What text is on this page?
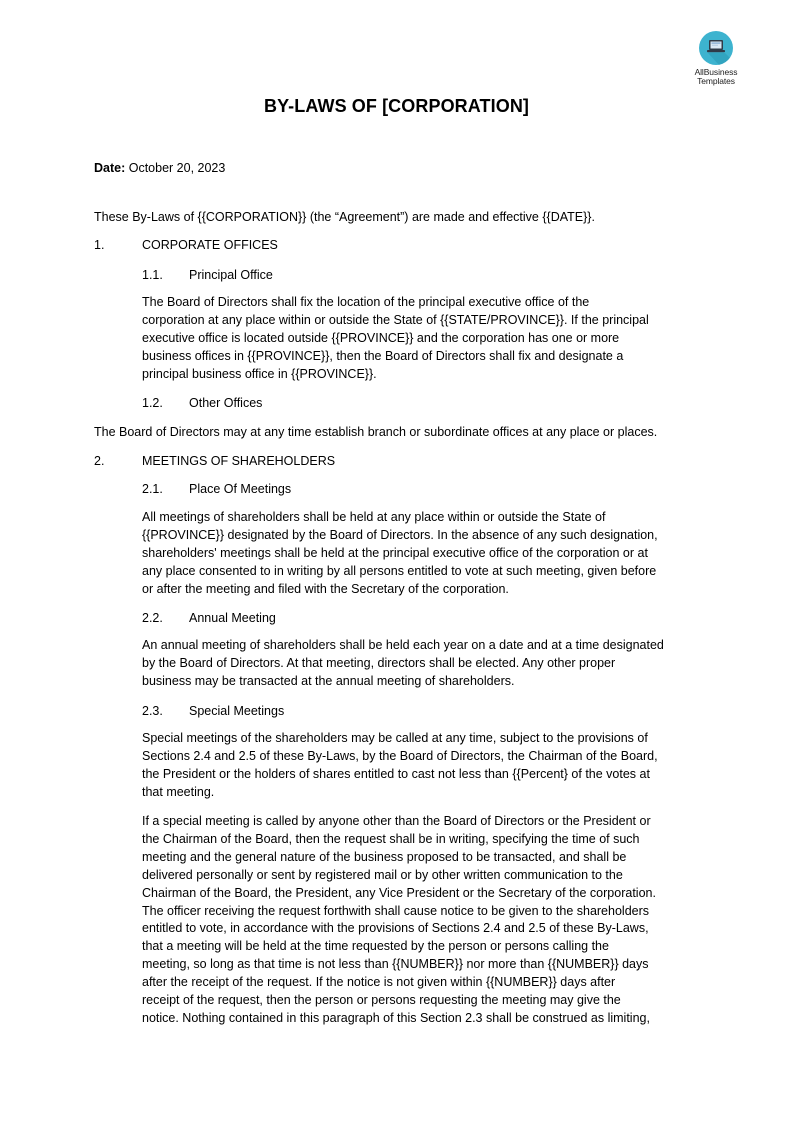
AllBusiness
Templates
BY-LAWS OF [CORPORATION]
Date: October 20, 2023
These By-Laws of {{CORPORATION}} (the “Agreement”) are made and effective {{DATE}}.
1.	CORPORATE OFFICES
1.1. Principal Office
The Board of Directors shall fix the location of the principal executive office of the
corporation at any place within or outside the State of {{STATE/PROVINCE}}. If the principal
executive office is located outside {{PROVINCE}} and the corporation has one or more
business offices in {{PROVINCE}}, then the Board of Directors shall fix and designate a
principal business office in {{PROVINCE}}.
1.2. Other Offices
The Board of Directors may at any time establish branch or subordinate offices at any place or places.
2.	MEETINGS OF SHAREHOLDERS
2.1. Place Of Meetings
All meetings of shareholders shall be held at any place within or outside the State of
{{PROVINCE}} designated by the Board of Directors. In the absence of any such designation,
shareholders' meetings shall be held at the principal executive office of the corporation or at
any place consented to in writing by all persons entitled to vote at such meeting, given before
or after the meeting and filed with the Secretary of the corporation.
2.2. Annual Meeting
An annual meeting of shareholders shall be held each year on a date and at a time designated
by the Board of Directors. At that meeting, directors shall be elected. Any other proper
business may be transacted at the annual meeting of shareholders.
2.3. Special Meetings
Special meetings of the shareholders may be called at any time, subject to the provisions of
Sections 2.4 and 2.5 of these By-Laws, by the Board of Directors, the Chairman of the Board,
the President or the holders of shares entitled to cast not less than {{Percent} of the votes at
that meeting.
If a special meeting is called by anyone other than the Board of Directors or the President or
the Chairman of the Board, then the request shall be in writing, specifying the time of such
meeting and the general nature of the business proposed to be transacted, and shall be
delivered personally or sent by registered mail or by other written communication to the
Chairman of the Board, the President, any Vice President or the Secretary of the corporation.
The officer receiving the request forthwith shall cause notice to be given to the shareholders
entitled to vote, in accordance with the provisions of Sections 2.4 and 2.5 of these By-Laws,
that a meeting will be held at the time requested by the person or persons calling the
meeting, so long as that time is not less than {{NUMBER}} nor more than {{NUMBER}} days
after the receipt of the request. If the notice is not given within {{NUMBER}} days after
receipt of the request, then the person or persons requesting the meeting may give the
notice. Nothing contained in this paragraph of this Section 2.3 shall be construed as limiting,
